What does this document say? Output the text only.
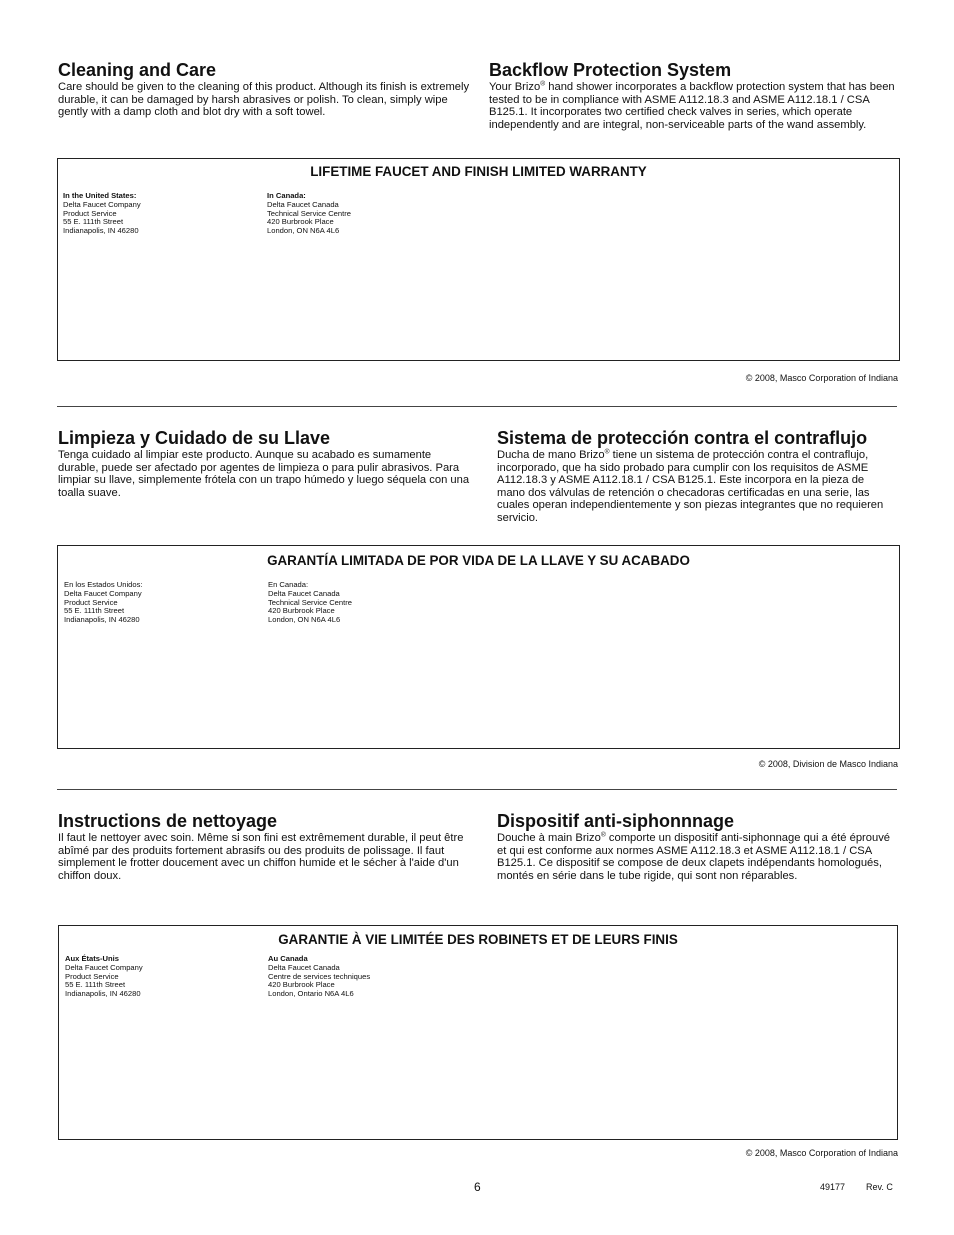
Cleaning and Care

Care should be given to the cleaning of this product. Although its finish is extremely durable, it can be damaged by harsh abrasives or polish. To clean, simply wipe gently with a damp cloth and blot dry with a soft towel.

Backflow Protection System

Your Brizo® hand shower incorporates a backflow protection system that has been tested to be in compliance with ASME A112.18.3 and ASME A112.18.1 / CSA B125.1. It incorporates two certified check valves in series, which operate independently and are integral, non-serviceable parts of the wand assembly.

LIFETIME FAUCET AND FINISH LIMITED WARRANTY
In the United States:
Delta Faucet Company
Product Service
55 E. 111th Street
Indianapolis, IN 46280
In Canada:
Delta Faucet Canada
Technical Service Centre
420 Burbrook Place
London, ON N6A 4L6
© 2008, Masco Corporation of Indiana
Limpieza y Cuidado de su Llave

Tenga cuidado al limpiar este producto. Aunque su acabado es sumamente durable, puede ser afectado por agentes de limpieza o para pulir abrasivos. Para limpiar su llave, simplemente frótela con un trapo húmedo y luego séquela con una toalla suave.

Sistema de protección contra el contraflujo

Ducha de mano Brizo® tiene un sistema de protección contra el contraflujo, incorporado, que ha sido probado para cumplir con los requisitos de ASME A112.18.3 y ASME A112.18.1 / CSA B125.1. Este incorpora en la pieza de mano dos válvulas de retención o checadoras certificadas en una serie, las cuales operan independientemente y son piezas integrantes que no requieren servicio.

GARANTÍA LIMITADA DE POR VIDA DE LA LLAVE Y SU ACABADO
En los Estados Unidos:
Delta Faucet Company
Product Service
55 E. 111th Street
Indianapolis, IN 46280
En Canada:
Delta Faucet Canada
Technical Service Centre
420 Burbrook Place
London, ON N6A 4L6
© 2008, Division de Masco Indiana
Instructions de nettoyage

Il faut le nettoyer avec soin. Même si son fini est extrêmement durable, il peut être abîmé par des produits fortement abrasifs ou des produits de polissage. Il faut simplement le frotter doucement avec un chiffon humide et le sécher à l'aide d'un chiffon doux.

Dispositif anti-siphonnnage

Douche à main Brizo® comporte un dispositif anti-siphonnage qui a été éprouvé et qui est conforme aux normes ASME A112.18.3 et ASME A112.18.1 / CSA B125.1. Ce dispositif se compose de deux clapets indépendants homologués, montés en série dans le tube rigide, qui sont non réparables.

GARANTIE À VIE LIMITÉE DES ROBINETS ET DE LEURS FINIS
Aux États-Unis
Delta Faucet Company
Product Service
55 E. 111th Street
Indianapolis, IN 46280
Au Canada
Delta Faucet Canada
Centre de services techniques
420 Burbrook Place
London, Ontario N6A 4L6
© 2008, Masco Corporation of Indiana
6	49177 Rev. C
